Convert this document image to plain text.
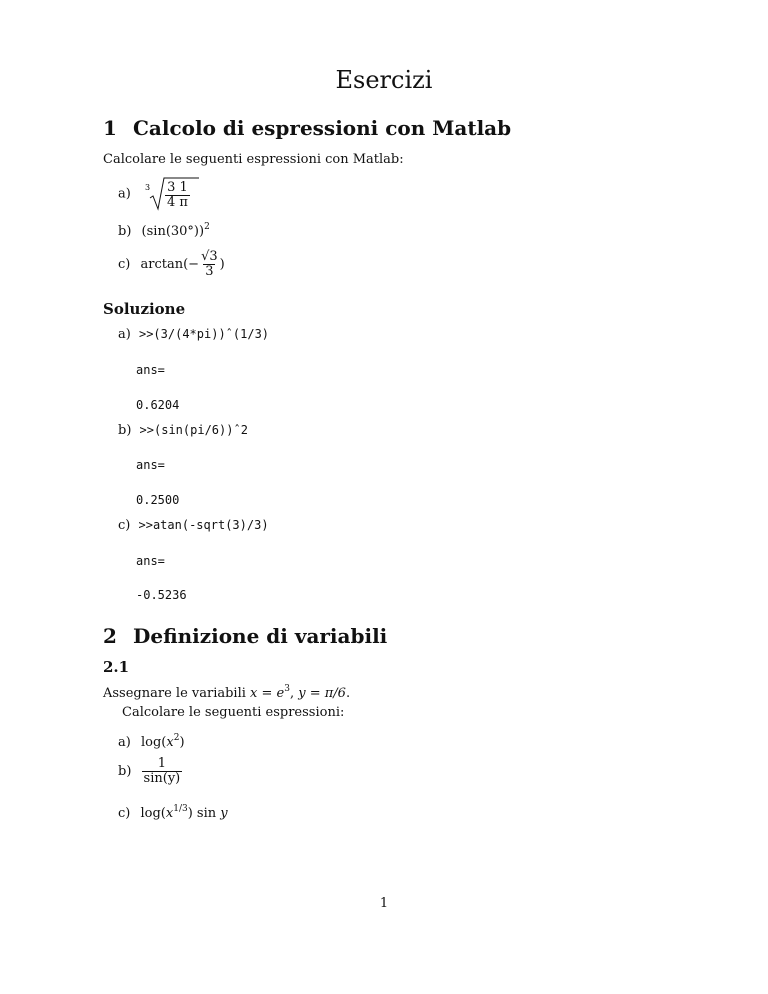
Esercizi
1 Calcolo di espressioni con Matlab
Calcolare le seguenti espressioni con Matlab:
a) $3 \frac{3 1}{4 \pi}$
b) $(\sin(30^\circ))^2$
c) $\arctan(- \frac{√3}{3}$ )
Soluzione
a) >>(3/(4*pi))ˆ(1/3)
ans=
0.6204
b) >>(sin(pi/6))ˆ2
ans=
0.2500
c) >>atan(-sqrt(3)/3)
ans=
-0.5236
2 Definizione di variabili
2.1
Assegnare le variabili $x = e^3$, y = π/6.
Calcolare le seguenti espressioni:
a) $\log(x^2)$
$b) \frac{1}{\sin(y)}$
c) $\log(x^{1/3})$ sin y
1
